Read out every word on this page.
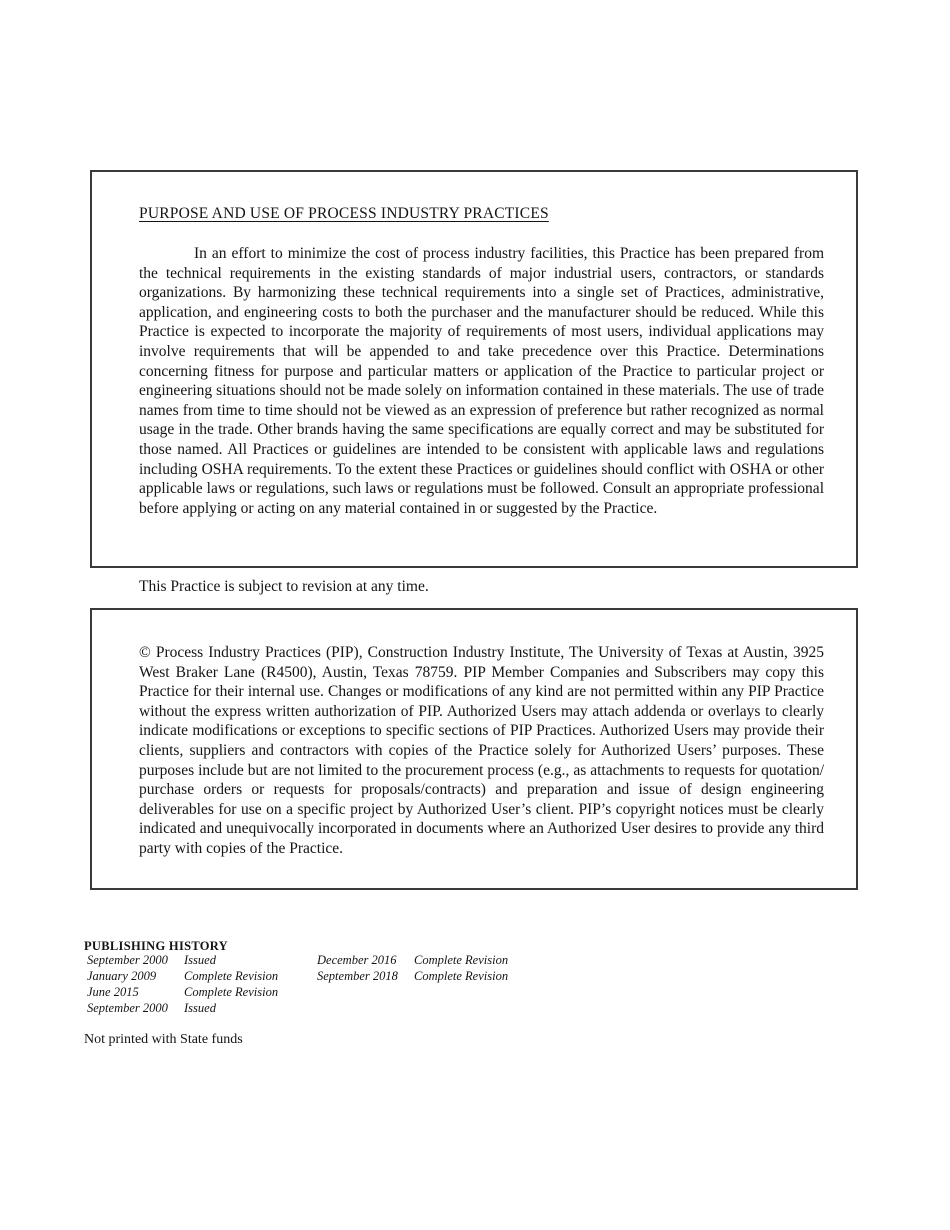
PURPOSE AND USE OF PROCESS INDUSTRY PRACTICES

In an effort to minimize the cost of process industry facilities, this Practice has been prepared from the technical requirements in the existing standards of major industrial users, contractors, or standards organizations. By harmonizing these technical requirements into a single set of Practices, administrative, application, and engineering costs to both the purchaser and the manufacturer should be reduced. While this Practice is expected to incorporate the majority of requirements of most users, individual applications may involve requirements that will be appended to and take precedence over this Practice. Determinations concerning fitness for purpose and particular matters or application of the Practice to particular project or engineering situations should not be made solely on information contained in these materials. The use of trade names from time to time should not be viewed as an expression of preference but rather recognized as normal usage in the trade. Other brands having the same specifications are equally correct and may be substituted for those named. All Practices or guidelines are intended to be consistent with applicable laws and regulations including OSHA requirements. To the extent these Practices or guidelines should conflict with OSHA or other applicable laws or regulations, such laws or regulations must be followed. Consult an appropriate professional before applying or acting on any material contained in or suggested by the Practice.

This Practice is subject to revision at any time.

© Process Industry Practices (PIP), Construction Industry Institute, The University of Texas at Austin, 3925 West Braker Lane (R4500), Austin, Texas 78759. PIP Member Companies and Subscribers may copy this Practice for their internal use. Changes or modifications of any kind are not permitted within any PIP Practice without the express written authorization of PIP. Authorized Users may attach addenda or overlays to clearly indicate modifications or exceptions to specific sections of PIP Practices. Authorized Users may provide their clients, suppliers and contractors with copies of the Practice solely for Authorized Users’ purposes. These purposes include but are not limited to the procurement process (e.g., as attachments to requests for quotation/ purchase orders or requests for proposals/contracts) and preparation and issue of design engineering deliverables for use on a specific project by Authorized User’s client. PIP’s copyright notices must be clearly indicated and unequivocally incorporated in documents where an Authorized User desires to provide any third party with copies of the Practice.

PUBLISHING HISTORY
September 2000	Issued
January 2009	Complete Revision
June 2015	Complete Revision
September 2000	Issued
December 2016	Complete Revision
September 2018	Complete Revision
Not printed with State funds
